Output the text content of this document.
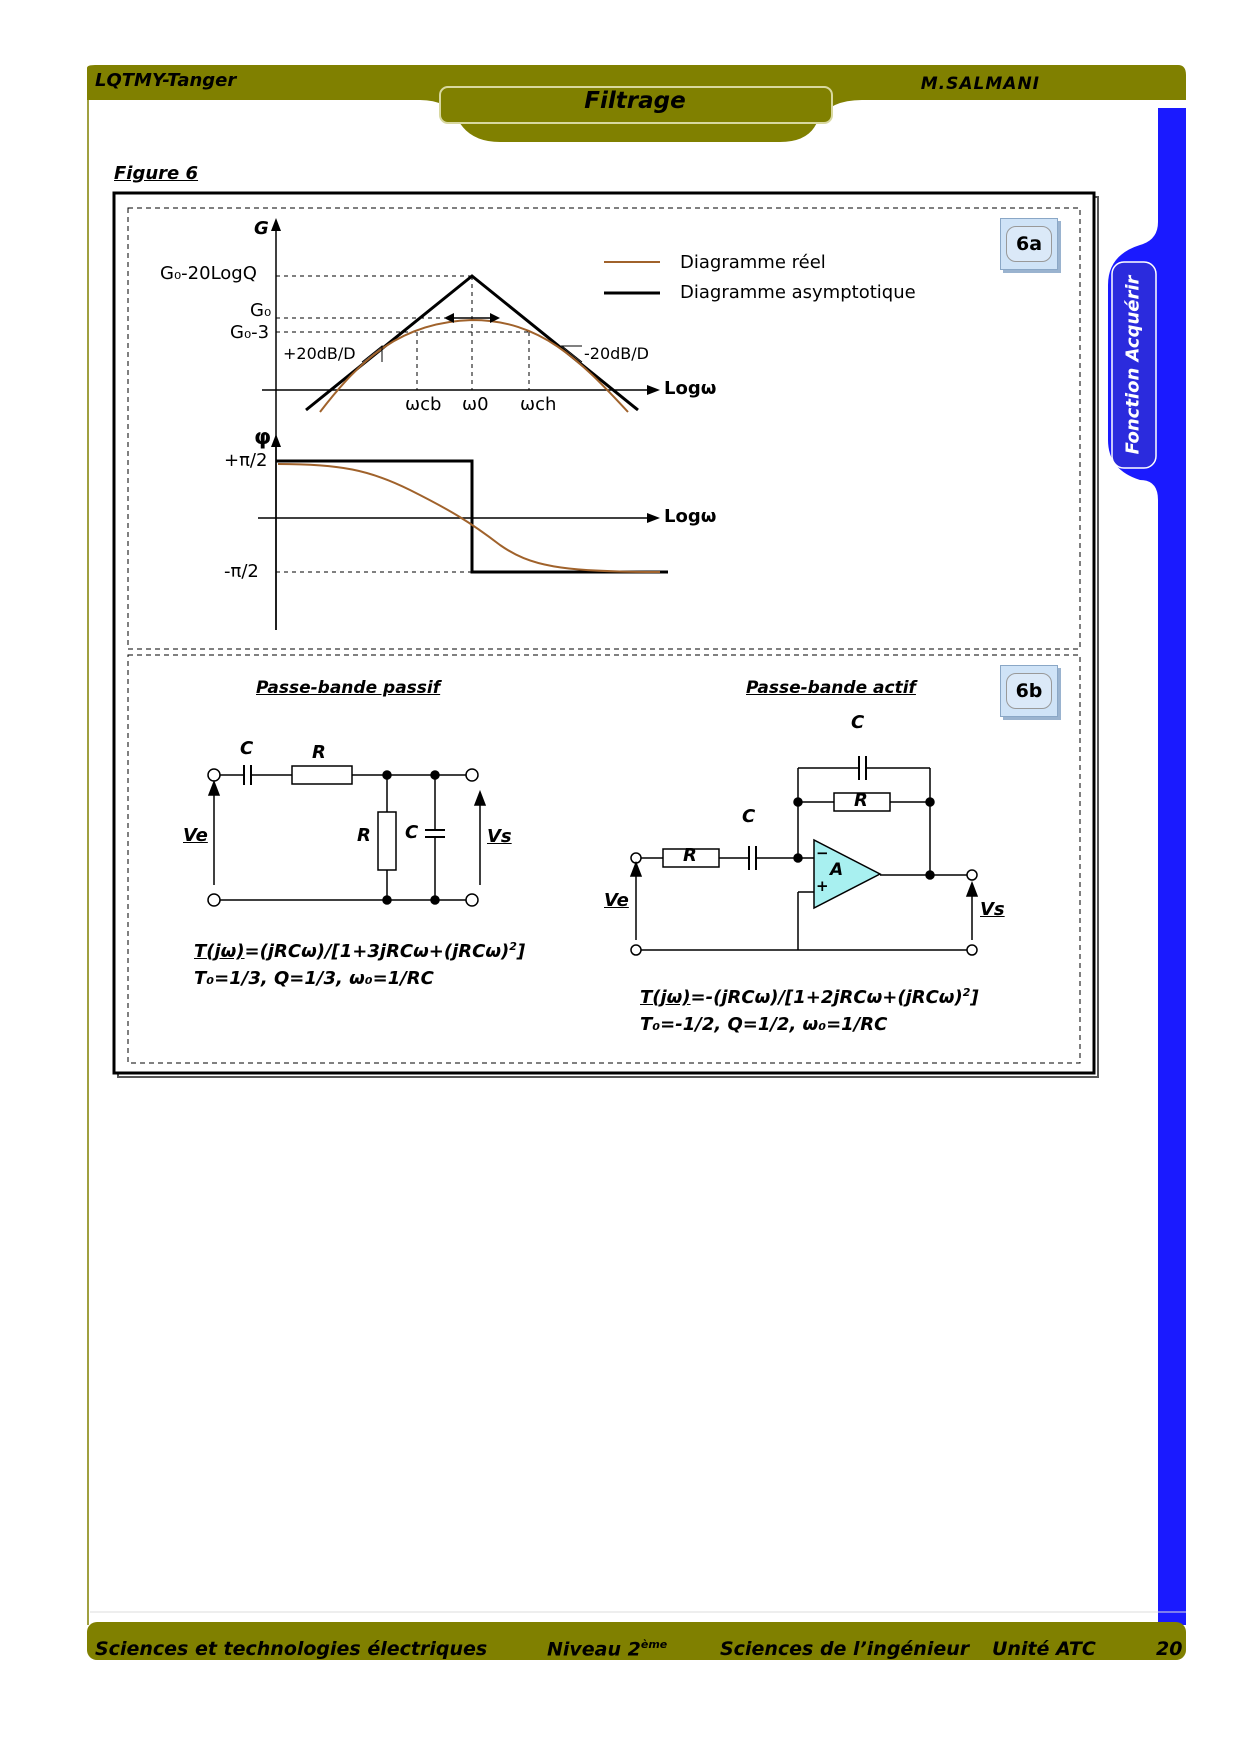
LQTMY-Tanger	M.SALMANI
Filtrage
Fonction Acquérir
Figure 6
6a
G
G₀-20LogQ
G₀
G₀-3
+20dB/D	-20dB/D
Logω
ωcb ω0 ωch
Diagramme réel
Diagramme asymptotique
φ
+π/2
-π/2
Logω
6b
Passe-bande passif
C	R
R C
Ve	Vs
$T(j\omega)=(jRC\omega)/[1+3jRC\omega+(jRC\omega)^2]$
T₀=1/3, Q=1/3, ω₀=1/RC
Passe-bande actif
C
R
C
R
A
−
+
Ve	Vs
$T(j\omega)=-(jRC\omega)/[1+2jRC\omega+(jRC\omega)^2]$
T₀=-1/2, Q=1/2, ω₀=1/RC
Sciences et technologies électriques	Niveau 2ème	Sciences de l’ingénieur Unité ATC	20
